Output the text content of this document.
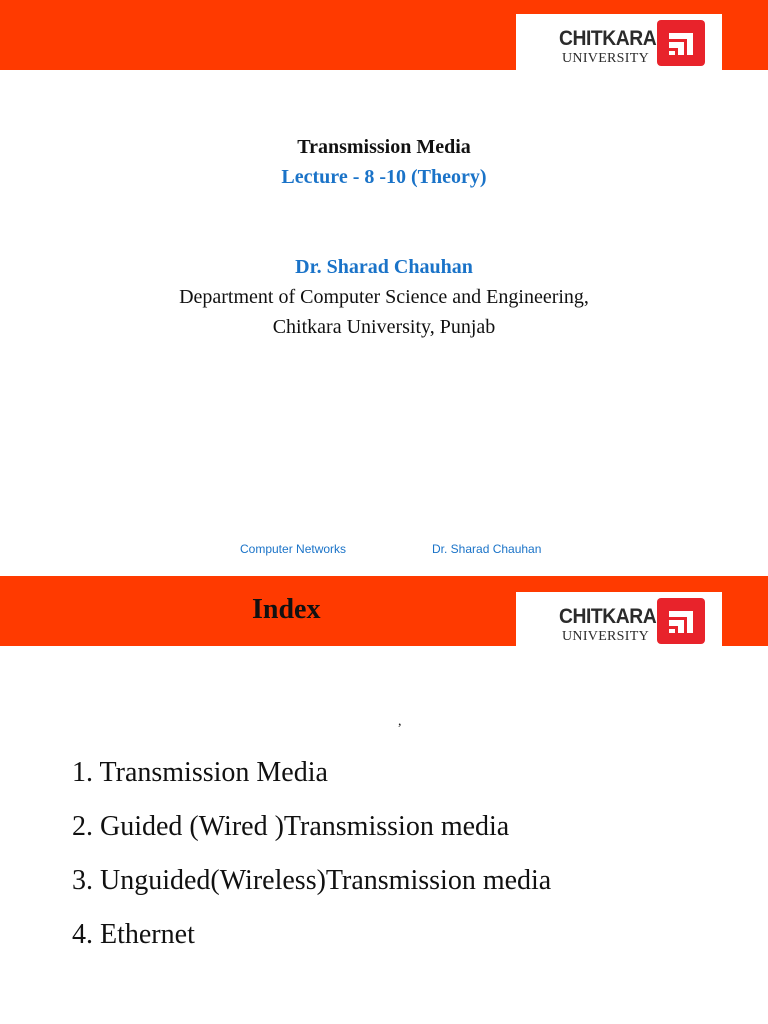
CHITKARA
UNIVERSITY
Transmission Media
Lecture - 8 -10 (Theory)
Dr. Sharad Chauhan
Department of Computer Science and Engineering,
Chitkara University, Punjab
Computer Networks	Dr. Sharad Chauhan
Index	CHITKARA
UNIVERSITY
,
1. Transmission Media
2. Guided (Wired )Transmission media
3. Unguided(Wireless)Transmission media
4. Ethernet
